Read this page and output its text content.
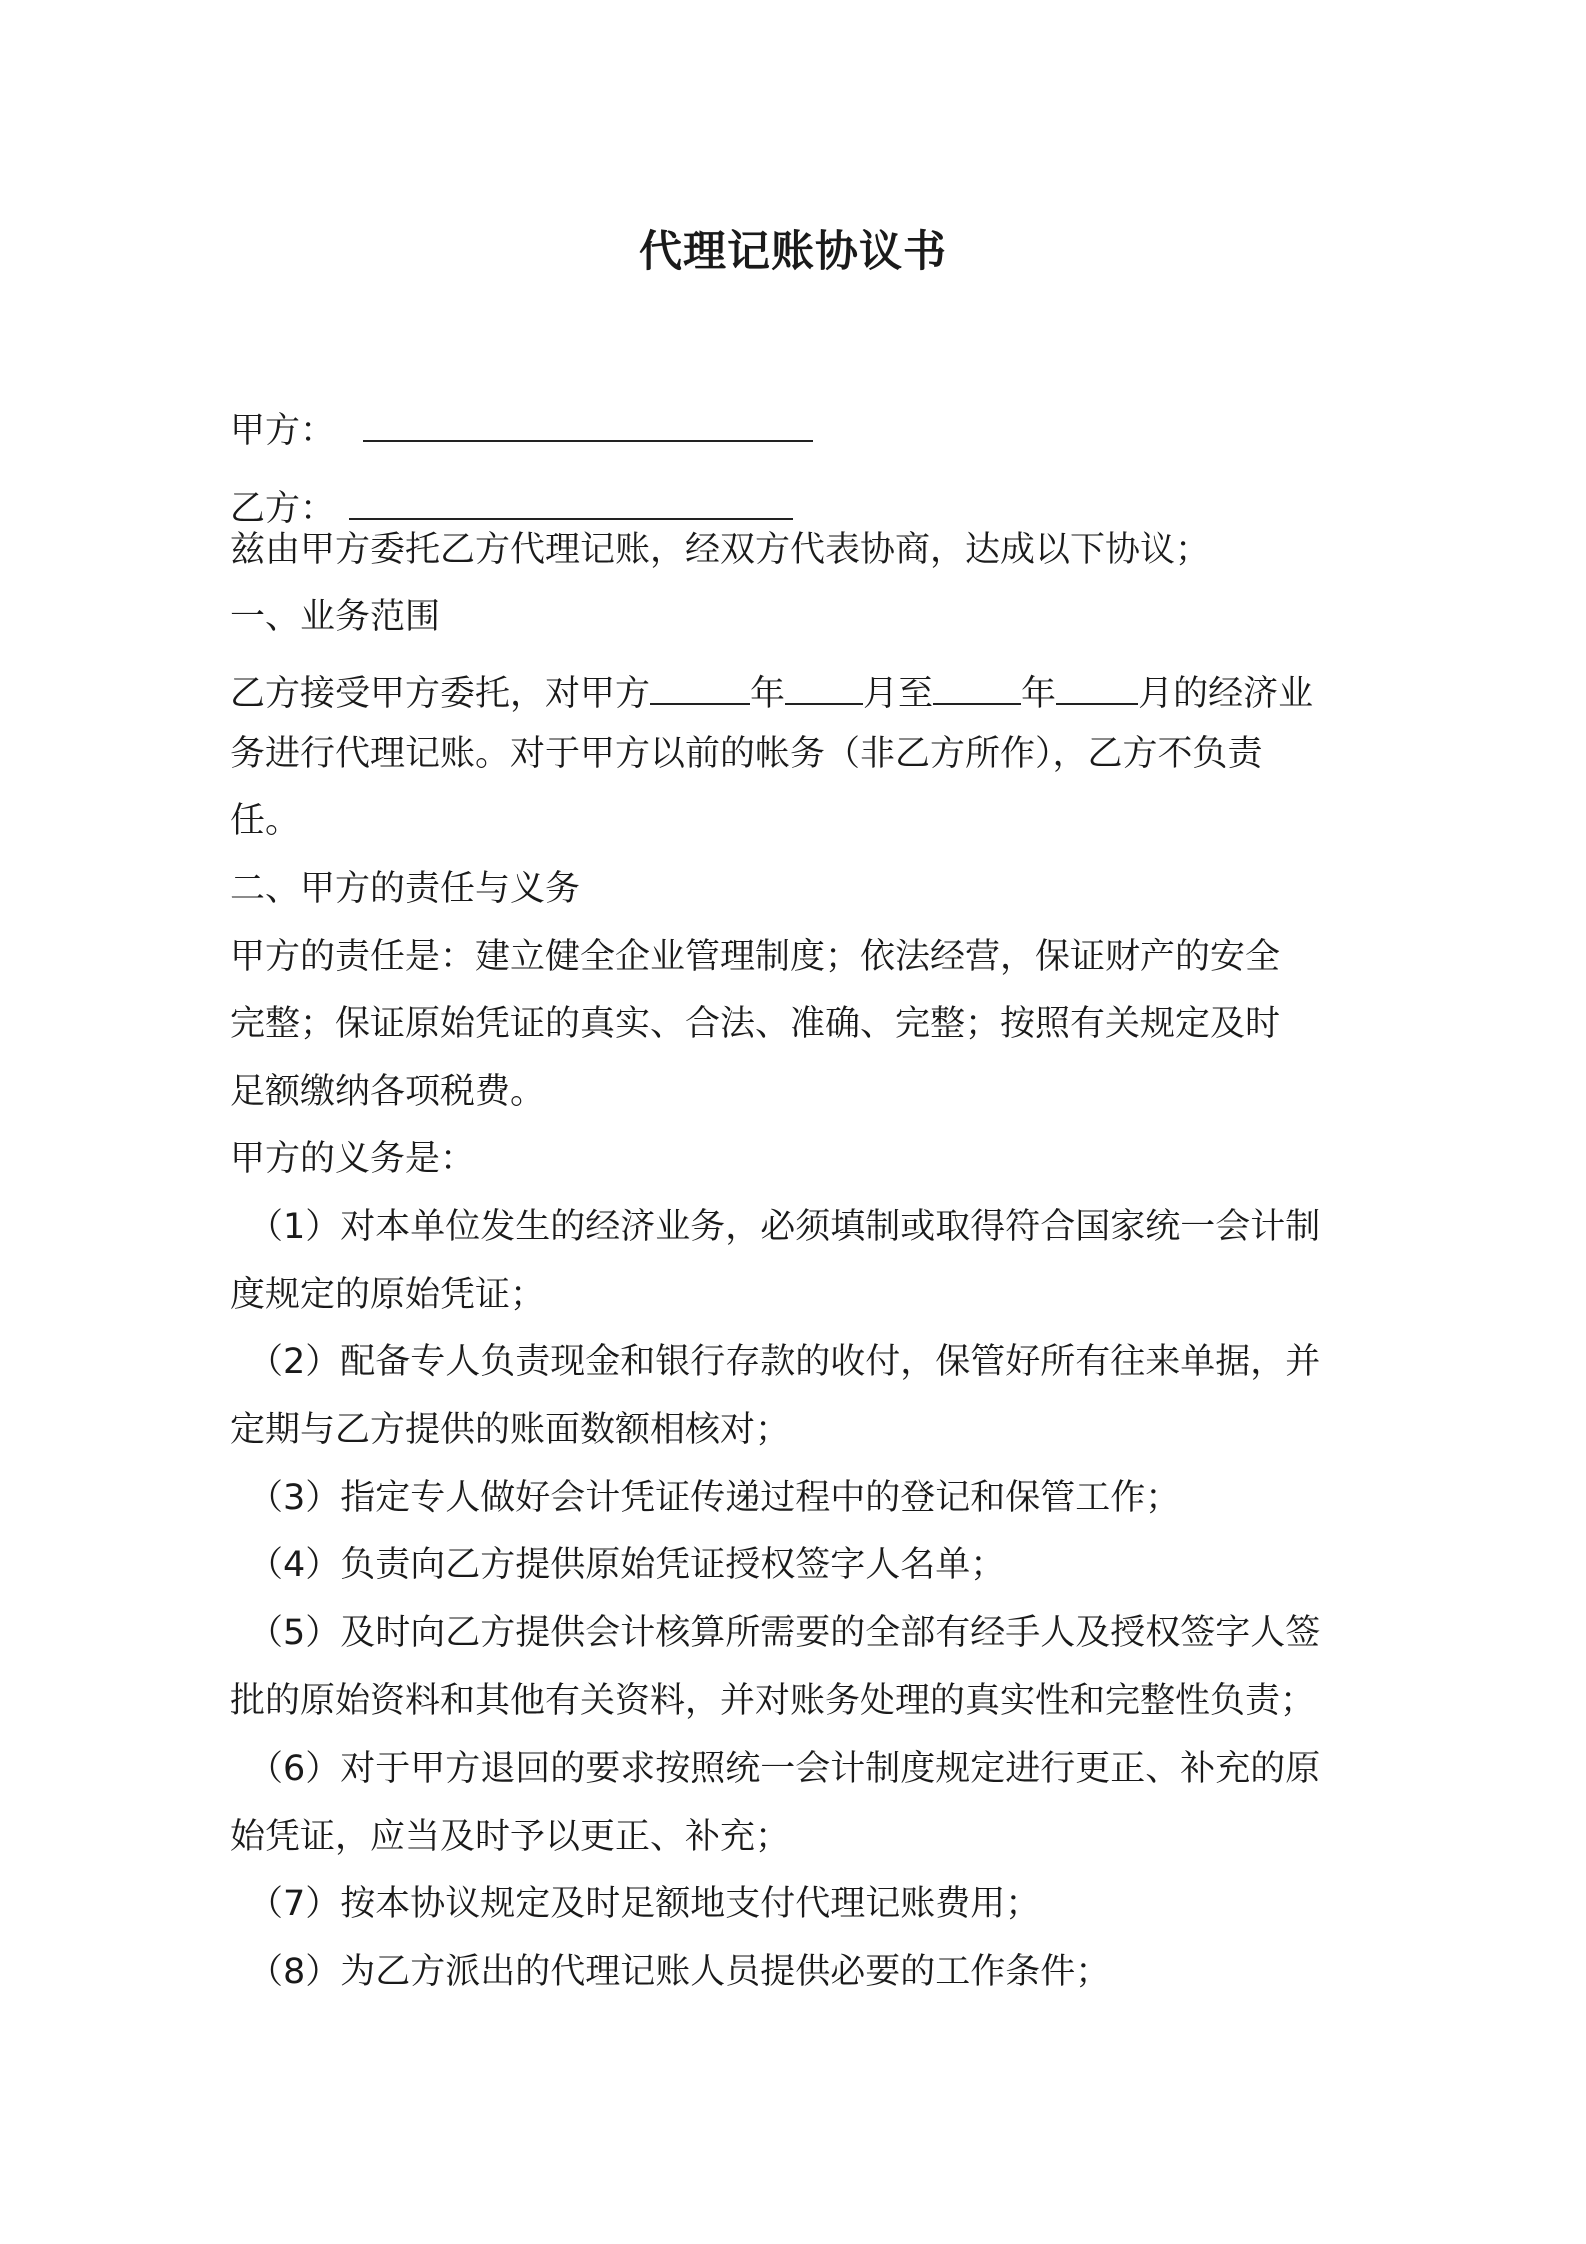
代理记账协议书
甲方：
乙方：
兹由甲方委托乙方代理记账，经双方代表协商，达成以下协议；
一、业务范围
乙方接受甲方委托，对甲方	年 月至	年 月的经济业
务进行代理记账。对于甲方以前的帐务（非乙方所作），乙方不负责
任。
二、甲方的责任与义务
甲方的责任是：建立健全企业管理制度；依法经营，保证财产的安全
完整；保证原始凭证的真实、合法、准确、完整；按照有关规定及时
足额缴纳各项税费。
甲方的义务是：
（1）对本单位发生的经济业务，必须填制或取得符合国家统一会计制
度规定的原始凭证；
（2）配备专人负责现金和银行存款的收付，保管好所有往来单据，并
定期与乙方提供的账面数额相核对；
（3）指定专人做好会计凭证传递过程中的登记和保管工作；
（4）负责向乙方提供原始凭证授权签字人名单；
（5）及时向乙方提供会计核算所需要的全部有经手人及授权签字人签
批的原始资料和其他有关资料，并对账务处理的真实性和完整性负责；
（6）对于甲方退回的要求按照统一会计制度规定进行更正、补充的原
始凭证，应当及时予以更正、补充；
（7）按本协议规定及时足额地支付代理记账费用；
（8）为乙方派出的代理记账人员提供必要的工作条件；
